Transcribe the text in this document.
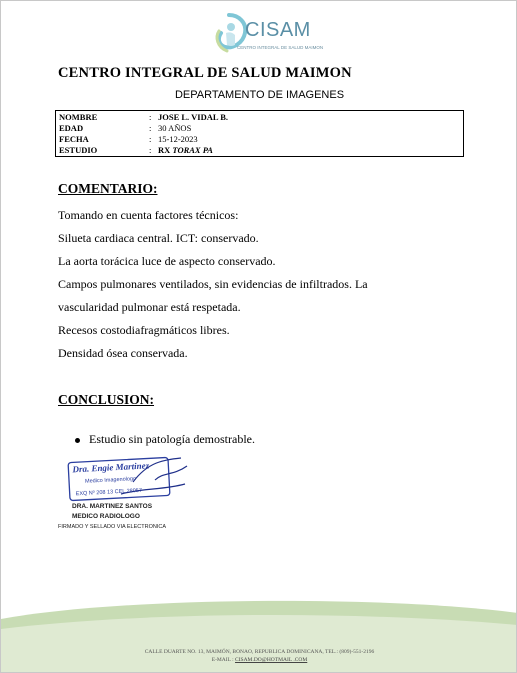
CISAM
CENTRO INTEGRAL DE SALUD MAIMON
CENTRO INTEGRAL DE SALUD MAIMON
DEPARTAMENTO DE IMAGENES
NOMBRE	: JOSE L. VIDAL B.
EDAD	: 30 AÑOS
FECHA	: 15-12-2023
ESTUDIO	: RX TORAX PA
COMENTARIO:
Tomando en cuenta factores técnicos:
Silueta cardiaca central. ICT: conservado.
La aorta torácica luce de aspecto conservado.
Campos pulmonares ventilados, sin evidencias de infiltrados. La
vascularidad pulmonar está respetada.
Recesos costodiafragmáticos libres.
Densidad ósea conservada.
CONCLUSION:
Estudio sin patología demostrable.
Dra. Engie Martinez
Medico Imagenologo
EXQ Nº 208 13 CEL 28057
DRA. MARTINEZ SANTOS
MEDICO RADIOLOGO
FIRMADO Y SELLADO VIA ELECTRONICA
CALLE DUARTE NO. 13, MAIMÓN, BONAO, REPUBLICA DOMINICANA, TEL.: (809)-551-2196
E-MAIL : CISAM.DO@HOTMAIL .COM
